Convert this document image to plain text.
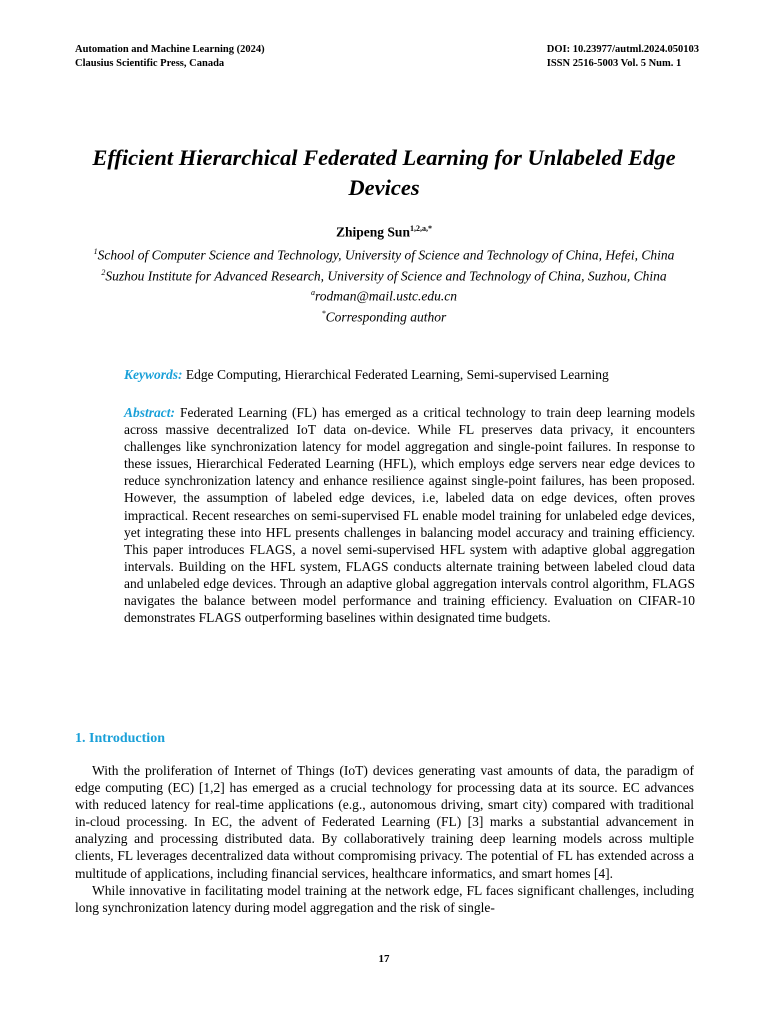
Automation and Machine Learning (2024)
Clausius Scientific Press, Canada
DOI: 10.23977/autml.2024.050103
ISSN 2516-5003 Vol. 5 Num. 1
Efficient Hierarchical Federated Learning for Unlabeled Edge Devices
Zhipeng Sun$^{1,2,a,*}$

$^1$School of Computer Science and Technology, University of Science and Technology of China, Hefei, China

$^2$Suzhou Institute for Advanced Research, University of Science and Technology of China, Suzhou, China

$^a$rodman@mail.ustc.edu.cn

*Corresponding author

Keywords: Edge Computing, Hierarchical Federated Learning, Semi-supervised Learning
Abstract: Federated Learning (FL) has emerged as a critical technology to train deep learning models across massive decentralized IoT data on-device. While FL preserves data privacy, it encounters challenges like synchronization latency for model aggregation and single-point failures. In response to these issues, Hierarchical Federated Learning (HFL), which employs edge servers near edge devices to reduce synchronization latency and enhance resilience against single-point failures, has been proposed. However, the assumption of labeled edge devices, i.e, labeled data on edge devices, often proves impractical. Recent researches on semi-supervised FL enable model training for unlabeled edge devices, yet integrating these into HFL presents challenges in balancing model accuracy and training efficiency. This paper introduces FLAGS, a novel semi-supervised HFL system with adaptive global aggregation intervals. Building on the HFL system, FLAGS conducts alternate training between labeled cloud data and unlabeled edge devices. Through an adaptive global aggregation intervals control algorithm, FLAGS navigates the balance between model performance and training efficiency. Evaluation on CIFAR-10 demonstrates FLAGS outperforming baselines within designated time budgets.
1. Introduction

With the proliferation of Internet of Things (IoT) devices generating vast amounts of data, the paradigm of edge computing (EC) [1,2] has emerged as a crucial technology for processing data at its source. EC advances with reduced latency for real-time applications (e.g., autonomous driving, smart city) compared with traditional in-cloud processing. In EC, the advent of Federated Learning (FL) [3] marks a substantial advancement in analyzing and processing distributed data. By collaboratively training deep learning models across multiple clients, FL leverages decentralized data without compromising privacy. The potential of FL has extended across a multitude of applications, including financial services, healthcare informatics, and smart homes [4].

While innovative in facilitating model training at the network edge, FL faces significant challenges, including long synchronization latency during model aggregation and the risk of single-

17
